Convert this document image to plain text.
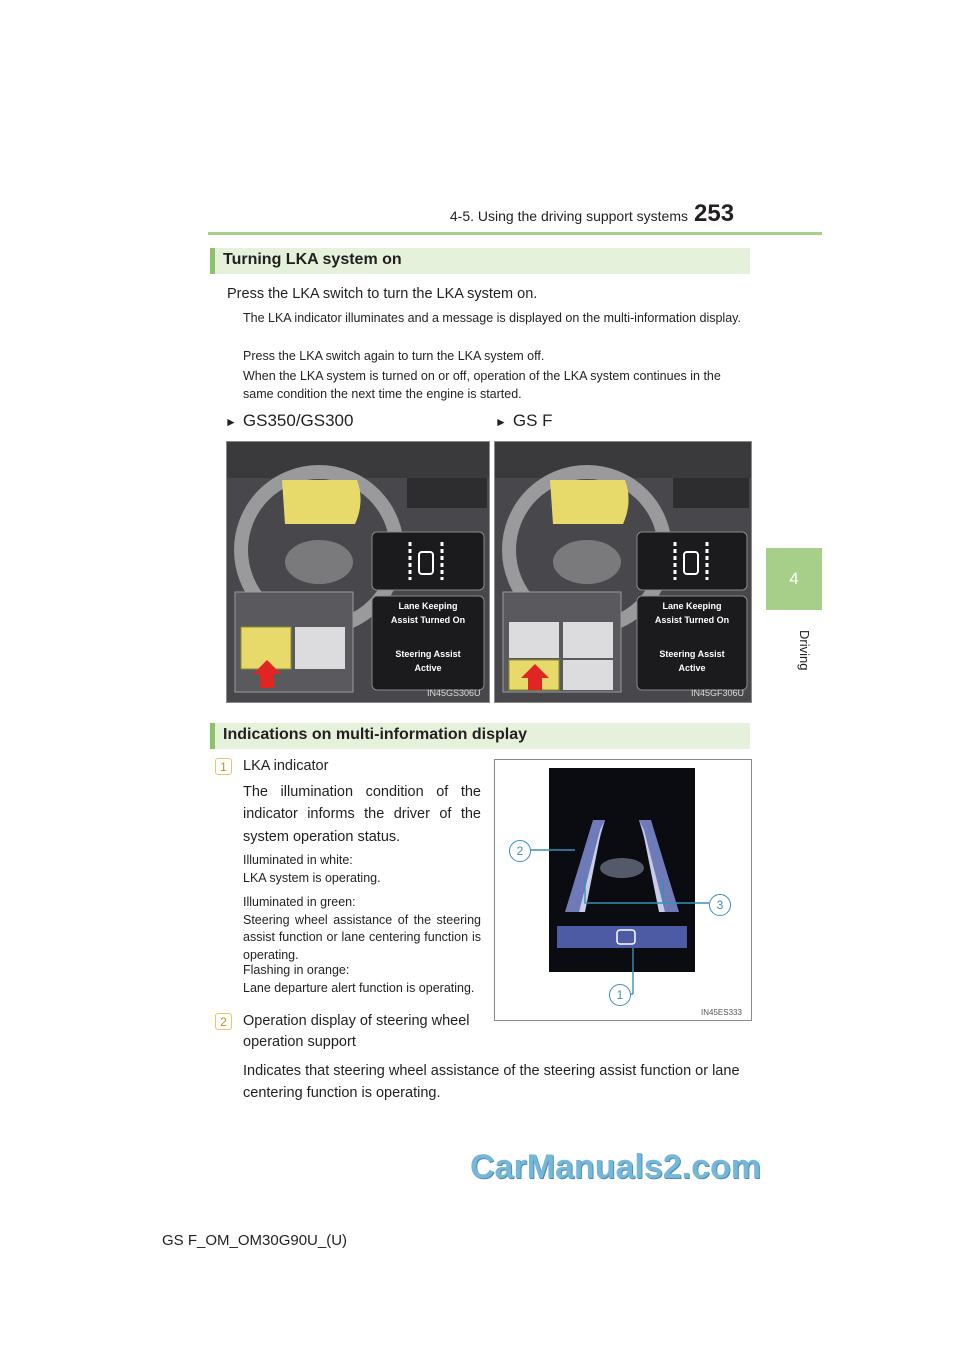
4-5. Using the driving support systems 253
4
Driving
Turning LKA system on
Press the LKA switch to turn the LKA system on.
The LKA indicator illuminates and a message is displayed on the multi-information display.
Press the LKA switch again to turn the LKA system off.
When the LKA system is turned on or off, operation of the LKA system continues in the same condition the next time the engine is started.
► GS350/GS300	► GS F
Lane Keeping
Assist Turned On
Steering Assist
Active
IN45GS306U
Lane Keeping
Assist Turned On
Steering Assist
Active
IN45GF306U
Indications on multi-information display
1	LKA indicator
The illumination condition of the indicator informs the driver of the system operation status.
Illuminated in white:
LKA system is operating.
Illuminated in green:
Steering wheel assistance of the steering assist function or lane centering function is operating.
Flashing in orange:
Lane departure alert function is operating.
2	Operation display of steering wheel operation support
Indicates that steering wheel assistance of the steering assist function or lane centering function is operating.
2
3
1
IN45ES333
CarManuals2.com
GS F_OM_OM30G90U_(U)
